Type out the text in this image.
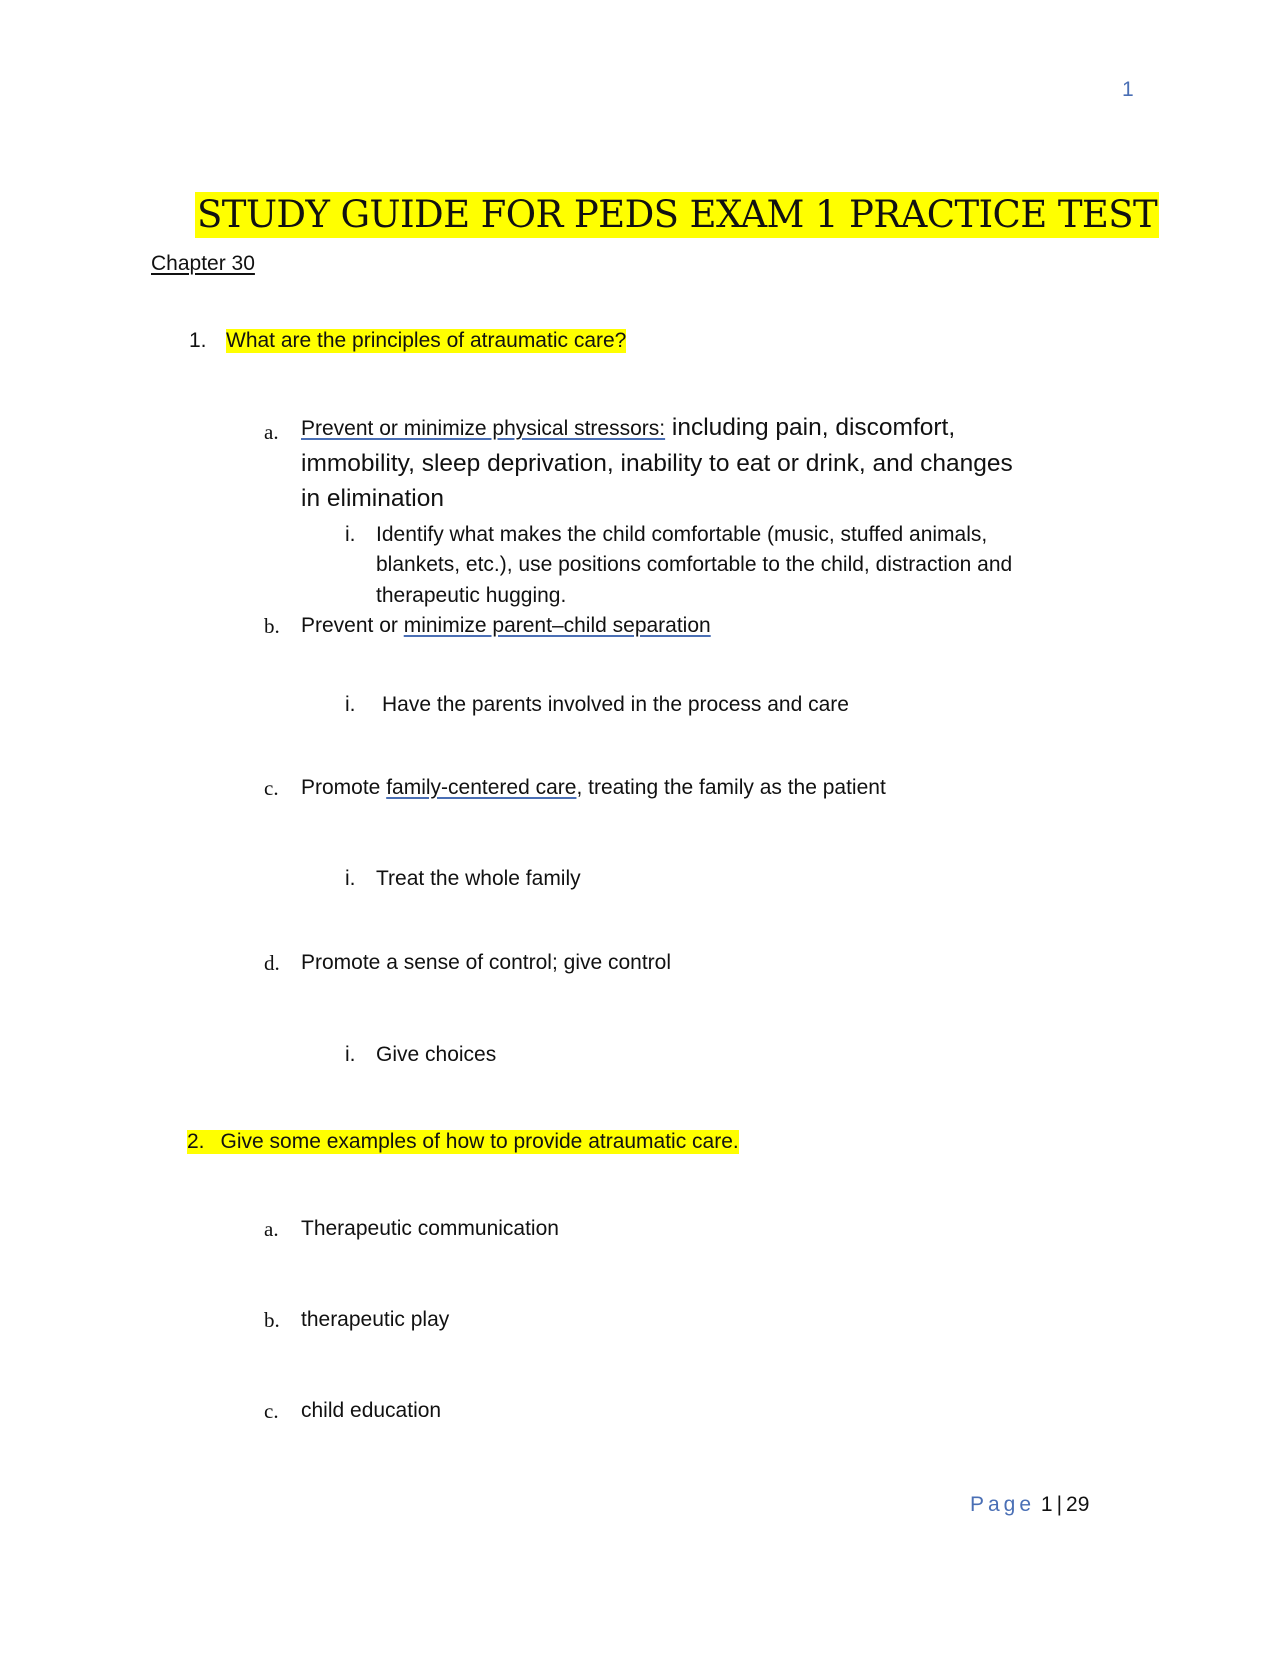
1
STUDY GUIDE FOR PEDS EXAM 1 PRACTICE TEST
Chapter 30
1. What are the principles of atraumatic care?
a. Prevent or minimize physical stressors: including pain, discomfort,
immobility, sleep deprivation, inability to eat or drink, and changes
in elimination
i. Identify what makes the child comfortable (music, stuffed animals,
blankets, etc.), use positions comfortable to the child, distraction and
therapeutic hugging.
b. Prevent or minimize parent–child separation
i. Have the parents involved in the process and care
c. Promote family-centered care, treating the family as the patient
i. Treat the whole family
d. Promote a sense of control; give control
i. Give choices
2. Give some examples of how to provide atraumatic care.
a. Therapeutic communication
b. therapeutic play
c. child education
Page 1 | 29
